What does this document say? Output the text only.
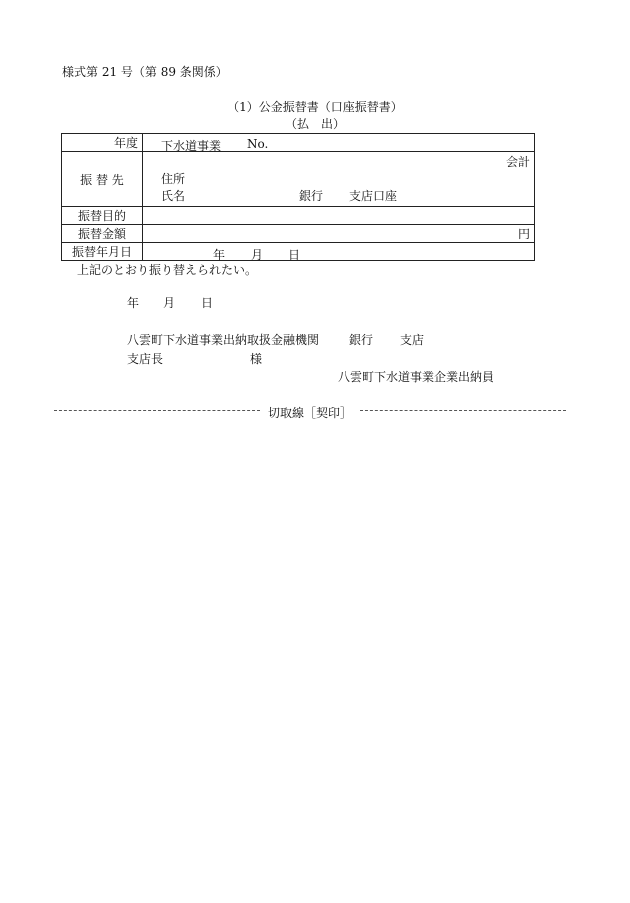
様式第 21 号（第 89 条関係）
（1）公金振替書（口座振替書）
（払　出）
年度	下水道事業 No.

振 替 先	会計
住所
氏名 銀行 支店口座

振替目的	
振替金額	円
振替年月日	年 月 日
上記のとおり振り替えられたい。
年 月 日
八雲町下水道事業出納取扱金融機関 銀行 支店
支店長	様
八雲町下水道事業企業出納員
切取線［契印］
